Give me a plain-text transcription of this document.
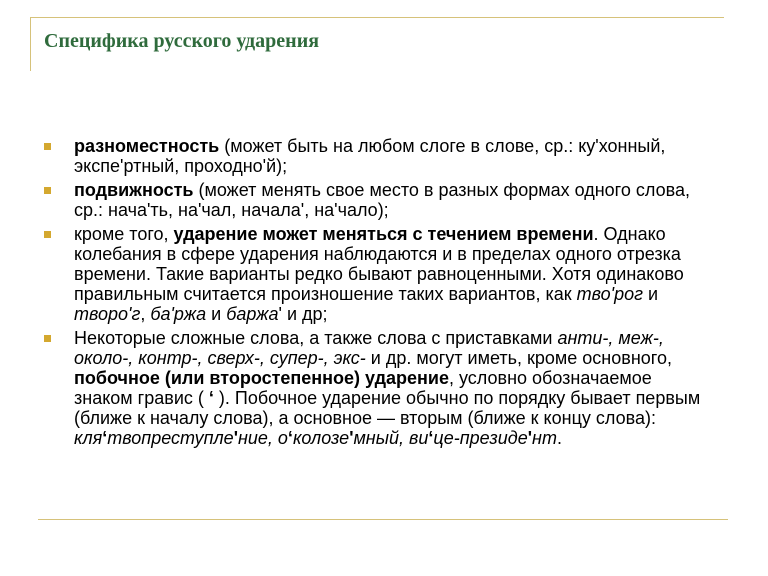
Специфика русского ударения
разноместность (может быть на любом слоге в слове, ср.: ку'хонный, экспе'ртный, проходно'й);
подвижность (может менять свое место в разных формах одного слова, ср.: нача'ть, на'чал, начала', на'чало);
кроме того, ударение может меняться с течением времени. Однако колебания в сфере ударения наблюдаются и в пределах одного отрезка времени. Такие варианты редко бывают равноценными. Хотя одинаково правильным считается произношение таких вариантов, как тво'рог и творо'г, ба'ржа и баржа' и др;
Некоторые сложные слова, а также слова с приставками анти-, меж-, около-, контр-, сверх-, супер-, экс- и др. могут иметь, кроме основного, побочное (или второстепенное) ударение, условно обозначаемое знаком гравис ( ‘ ). Побочное ударение обычно по порядку бывает первым (ближе к началу слова), а основное — вторым (ближе к концу слова): кля‘твопреступле'ние, о‘колозе'мный, ви‘це-президе'нт.
